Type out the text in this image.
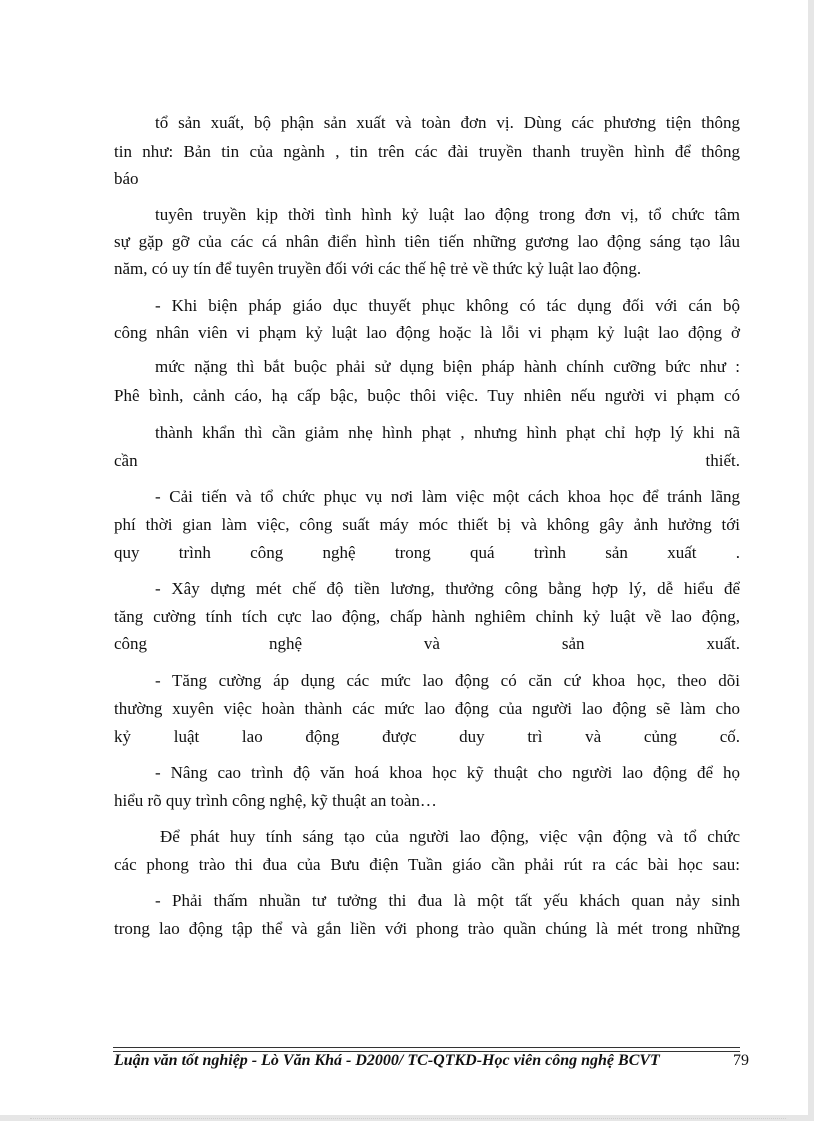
tổ sản xuất, bộ phận sản xuất và toàn đơn vị. Dùng các phương tiện thông
tin như: Bản tin của ngành , tin trên các đài truyền thanh truyền hình để thông
báo
tuyên truyền kịp thời tình hình kỷ luật lao động trong đơn vị, tổ chức tâm
sự gặp gỡ của các cá nhân điển hình tiên tiến những gương lao động sáng tạo lâu
năm, có uy tín để tuyên truyền đối với các thế hệ trẻ về thức kỷ luật lao động.
- Khi biện pháp giáo dục thuyết phục không có tác dụng đối với cán bộ
công nhân viên vi phạm kỷ luật lao động hoặc là lỗi vi phạm kỷ luật lao động ở
mức nặng thì bắt buộc phải sử dụng biện pháp hành chính cưỡng bức như :
Phê bình, cảnh cáo, hạ cấp bậc, buộc thôi việc. Tuy nhiên nếu người vi phạm có
thành khẩn thì cần giảm nhẹ hình phạt , nhưng hình phạt chỉ hợp lý khi nã
cần thiết.
- Cải tiến và tổ chức phục vụ nơi làm việc một cách khoa học để tránh lãng
phí thời gian làm việc, công suất máy móc thiết bị và không gây ảnh hưởng tới
quy trình công nghệ trong quá trình sản xuất .
- Xây dựng mét chế độ tiền lương, thưởng công bằng hợp lý, dễ hiểu để
tăng cường tính tích cực lao động, chấp hành nghiêm chỉnh kỷ luật về lao động,
công nghệ và sản xuất.
- Tăng cường áp dụng các mức lao động có căn cứ khoa học, theo dõi
thường xuyên việc hoàn thành các mức lao động của người lao động sẽ làm cho
kỷ luật lao động được duy trì và củng cố.
- Nâng cao trình độ văn hoá khoa học kỹ thuật cho người lao động để họ
hiểu rõ quy trình công nghệ, kỹ thuật an toàn…
Để phát huy tính sáng tạo của người lao động, việc vận động và tổ chức
các phong trào thi đua của Bưu điện Tuần giáo cần phải rút ra các bài học sau:
- Phải thấm nhuần tư tưởng thi đua là một tất yếu khách quan nảy sinh
trong lao động tập thể và gắn liền với phong trào quần chúng là mét trong những
Luận văn tốt nghiệp - Lò Văn Khá - D2000/ TC-QTKD-Học viên công nghệ BCVT	79
